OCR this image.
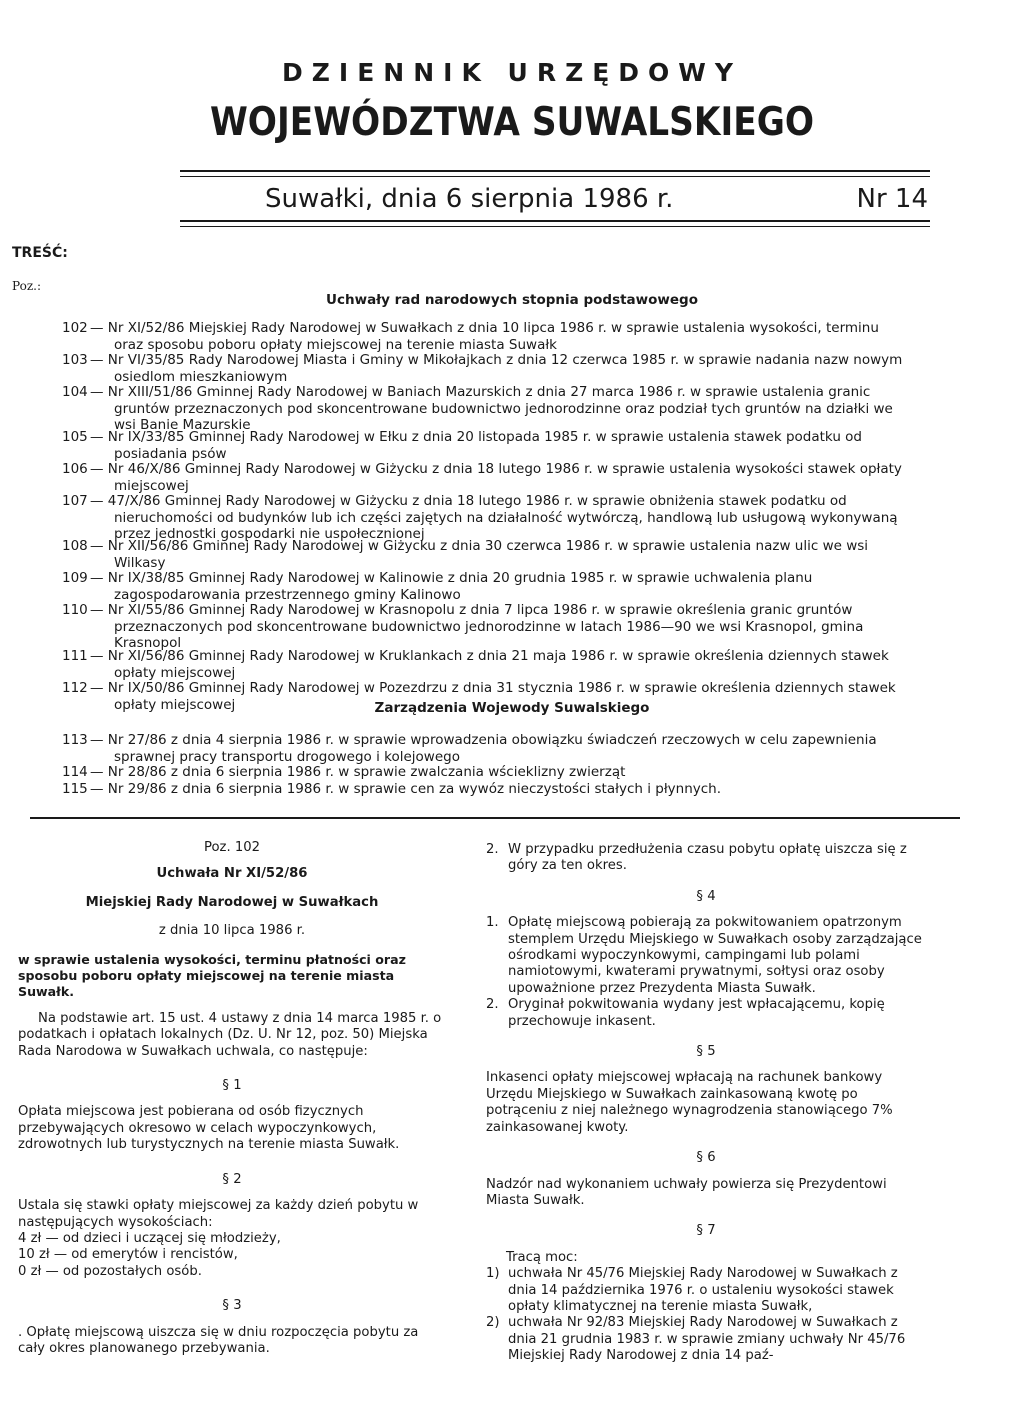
DZIENNIK URZĘDOWY
WOJEWÓDZTWA SUWALSKIEGO
Suwałki, dnia 6 sierpnia 1986 r.	Nr 14
TREŚĆ:
Poz.:
Uchwały rad narodowych stopnia podstawowego
102 — Nr XI/52/86 Miejskiej Rady Narodowej w Suwałkach z dnia 10 lipca 1986 r. w sprawie ustalenia wysokości, terminu oraz sposobu poboru opłaty miejscowej na terenie miasta Suwałk
103 — Nr VI/35/85 Rady Narodowej Miasta i Gminy w Mikołajkach z dnia 12 czerwca 1985 r. w sprawie nadania nazw nowym osiedlom mieszkaniowym
104 — Nr XIII/51/86 Gminnej Rady Narodowej w Baniach Mazurskich z dnia 27 marca 1986 r. w sprawie ustalenia granic gruntów przeznaczonych pod skoncentrowane budownictwo jednorodzinne oraz podział tych gruntów na działki we wsi Banie Mazurskie
105 — Nr IX/33/85 Gminnej Rady Narodowej w Ełku z dnia 20 listopada 1985 r. w sprawie ustalenia stawek podatku od posiadania psów
106 — Nr 46/X/86 Gminnej Rady Narodowej w Giżycku z dnia 18 lutego 1986 r. w sprawie ustalenia wysokości stawek opłaty miejscowej
107 — 47/X/86 Gminnej Rady Narodowej w Giżycku z dnia 18 lutego 1986 r. w sprawie obniżenia stawek podatku od nieruchomości od budynków lub ich części zajętych na działalność wytwórczą, handlową lub usługową wykonywaną przez jednostki gospodarki nie uspołecznionej
108 — Nr XII/56/86 Gminnej Rady Narodowej w Giżycku z dnia 30 czerwca 1986 r. w sprawie ustalenia nazw ulic we wsi Wilkasy
109 — Nr IX/38/85 Gminnej Rady Narodowej w Kalinowie z dnia 20 grudnia 1985 r. w sprawie uchwalenia planu zagospodarowania przestrzennego gminy Kalinowo
110 — Nr XI/55/86 Gminnej Rady Narodowej w Krasnopolu z dnia 7 lipca 1986 r. w sprawie określenia granic gruntów przeznaczonych pod skoncentrowane budownictwo jednorodzinne w latach 1986—90 we wsi Krasnopol, gmina Krasnopol
111 — Nr XI/56/86 Gminnej Rady Narodowej w Kruklankach z dnia 21 maja 1986 r. w sprawie określenia dziennych stawek opłaty miejscowej
112 — Nr IX/50/86 Gminnej Rady Narodowej w Pozezdrzu z dnia 31 stycznia 1986 r. w sprawie określenia dziennych stawek opłaty miejscowej	Zarządzenia Wojewody Suwalskiego
113 — Nr 27/86 z dnia 4 sierpnia 1986 r. w sprawie wprowadzenia obowiązku świadczeń rzeczowych w celu zapewnienia sprawnej pracy transportu drogowego i kolejowego
114 — Nr 28/86 z dnia 6 sierpnia 1986 r. w sprawie zwalczania wścieklizny zwierząt
115 — Nr 29/86 z dnia 6 sierpnia 1986 r. w sprawie cen za wywóz nieczystości stałych i płynnych.
Poz. 102
Uchwała Nr XI/52/86
Miejskiej Rady Narodowej w Suwałkach
z dnia 10 lipca 1986 r.
w sprawie ustalenia wysokości, terminu płatności oraz sposobu poboru opłaty miejscowej na terenie miasta Suwałk.
Na podstawie art. 15 ust. 4 ustawy z dnia 14 marca 1985 r. o podatkach i opłatach lokalnych (Dz. U. Nr 12, poz. 50) Miejska Rada Narodowa w Suwałkach uchwala, co następuje:
§ 1
Opłata miejscowa jest pobierana od osób fizycznych przebywających okresowo w celach wypoczynkowych, zdrowotnych lub turystycznych na terenie miasta Suwałk.
§ 2
Ustala się stawki opłaty miejscowej za każdy dzień pobytu w następujących wysokościach:
4 zł — od dzieci i uczącej się młodzieży,
10 zł — od emerytów i rencistów,
0 zł — od pozostałych osób.
§ 3
. Opłatę miejscową uiszcza się w dniu rozpoczęcia pobytu za cały okres planowanego przebywania.
2. W przypadku przedłużenia czasu pobytu opłatę uiszcza się z góry za ten okres.
§ 4
1. Opłatę miejscową pobierają za pokwitowaniem opatrzonym stemplem Urzędu Miejskiego w Suwałkach osoby zarządzające ośrodkami wypoczynkowymi, campingami lub polami namiotowymi, kwaterami prywatnymi, sołtysi oraz osoby upoważnione przez Prezydenta Miasta Suwałk.
2. Oryginał pokwitowania wydany jest wpłacającemu, kopię przechowuje inkasent.
§ 5
Inkasenci opłaty miejscowej wpłacają na rachunek bankowy Urzędu Miejskiego w Suwałkach zainkasowaną kwotę po potrąceniu z niej należnego wynagrodzenia stanowiącego 7% zainkasowanej kwoty.
§ 6
Nadzór nad wykonaniem uchwały powierza się Prezydentowi Miasta Suwałk.
§ 7
Tracą moc:
1) uchwała Nr 45/76 Miejskiej Rady Narodowej w Suwałkach z dnia 14 października 1976 r. o ustaleniu wysokości stawek opłaty klimatycznej na terenie miasta Suwałk,
2) uchwała Nr 92/83 Miejskiej Rady Narodowej w Suwałkach z dnia 21 grudnia 1983 r. w sprawie zmiany uchwały Nr 45/76 Miejskiej Rady Narodowej z dnia 14 paź-
